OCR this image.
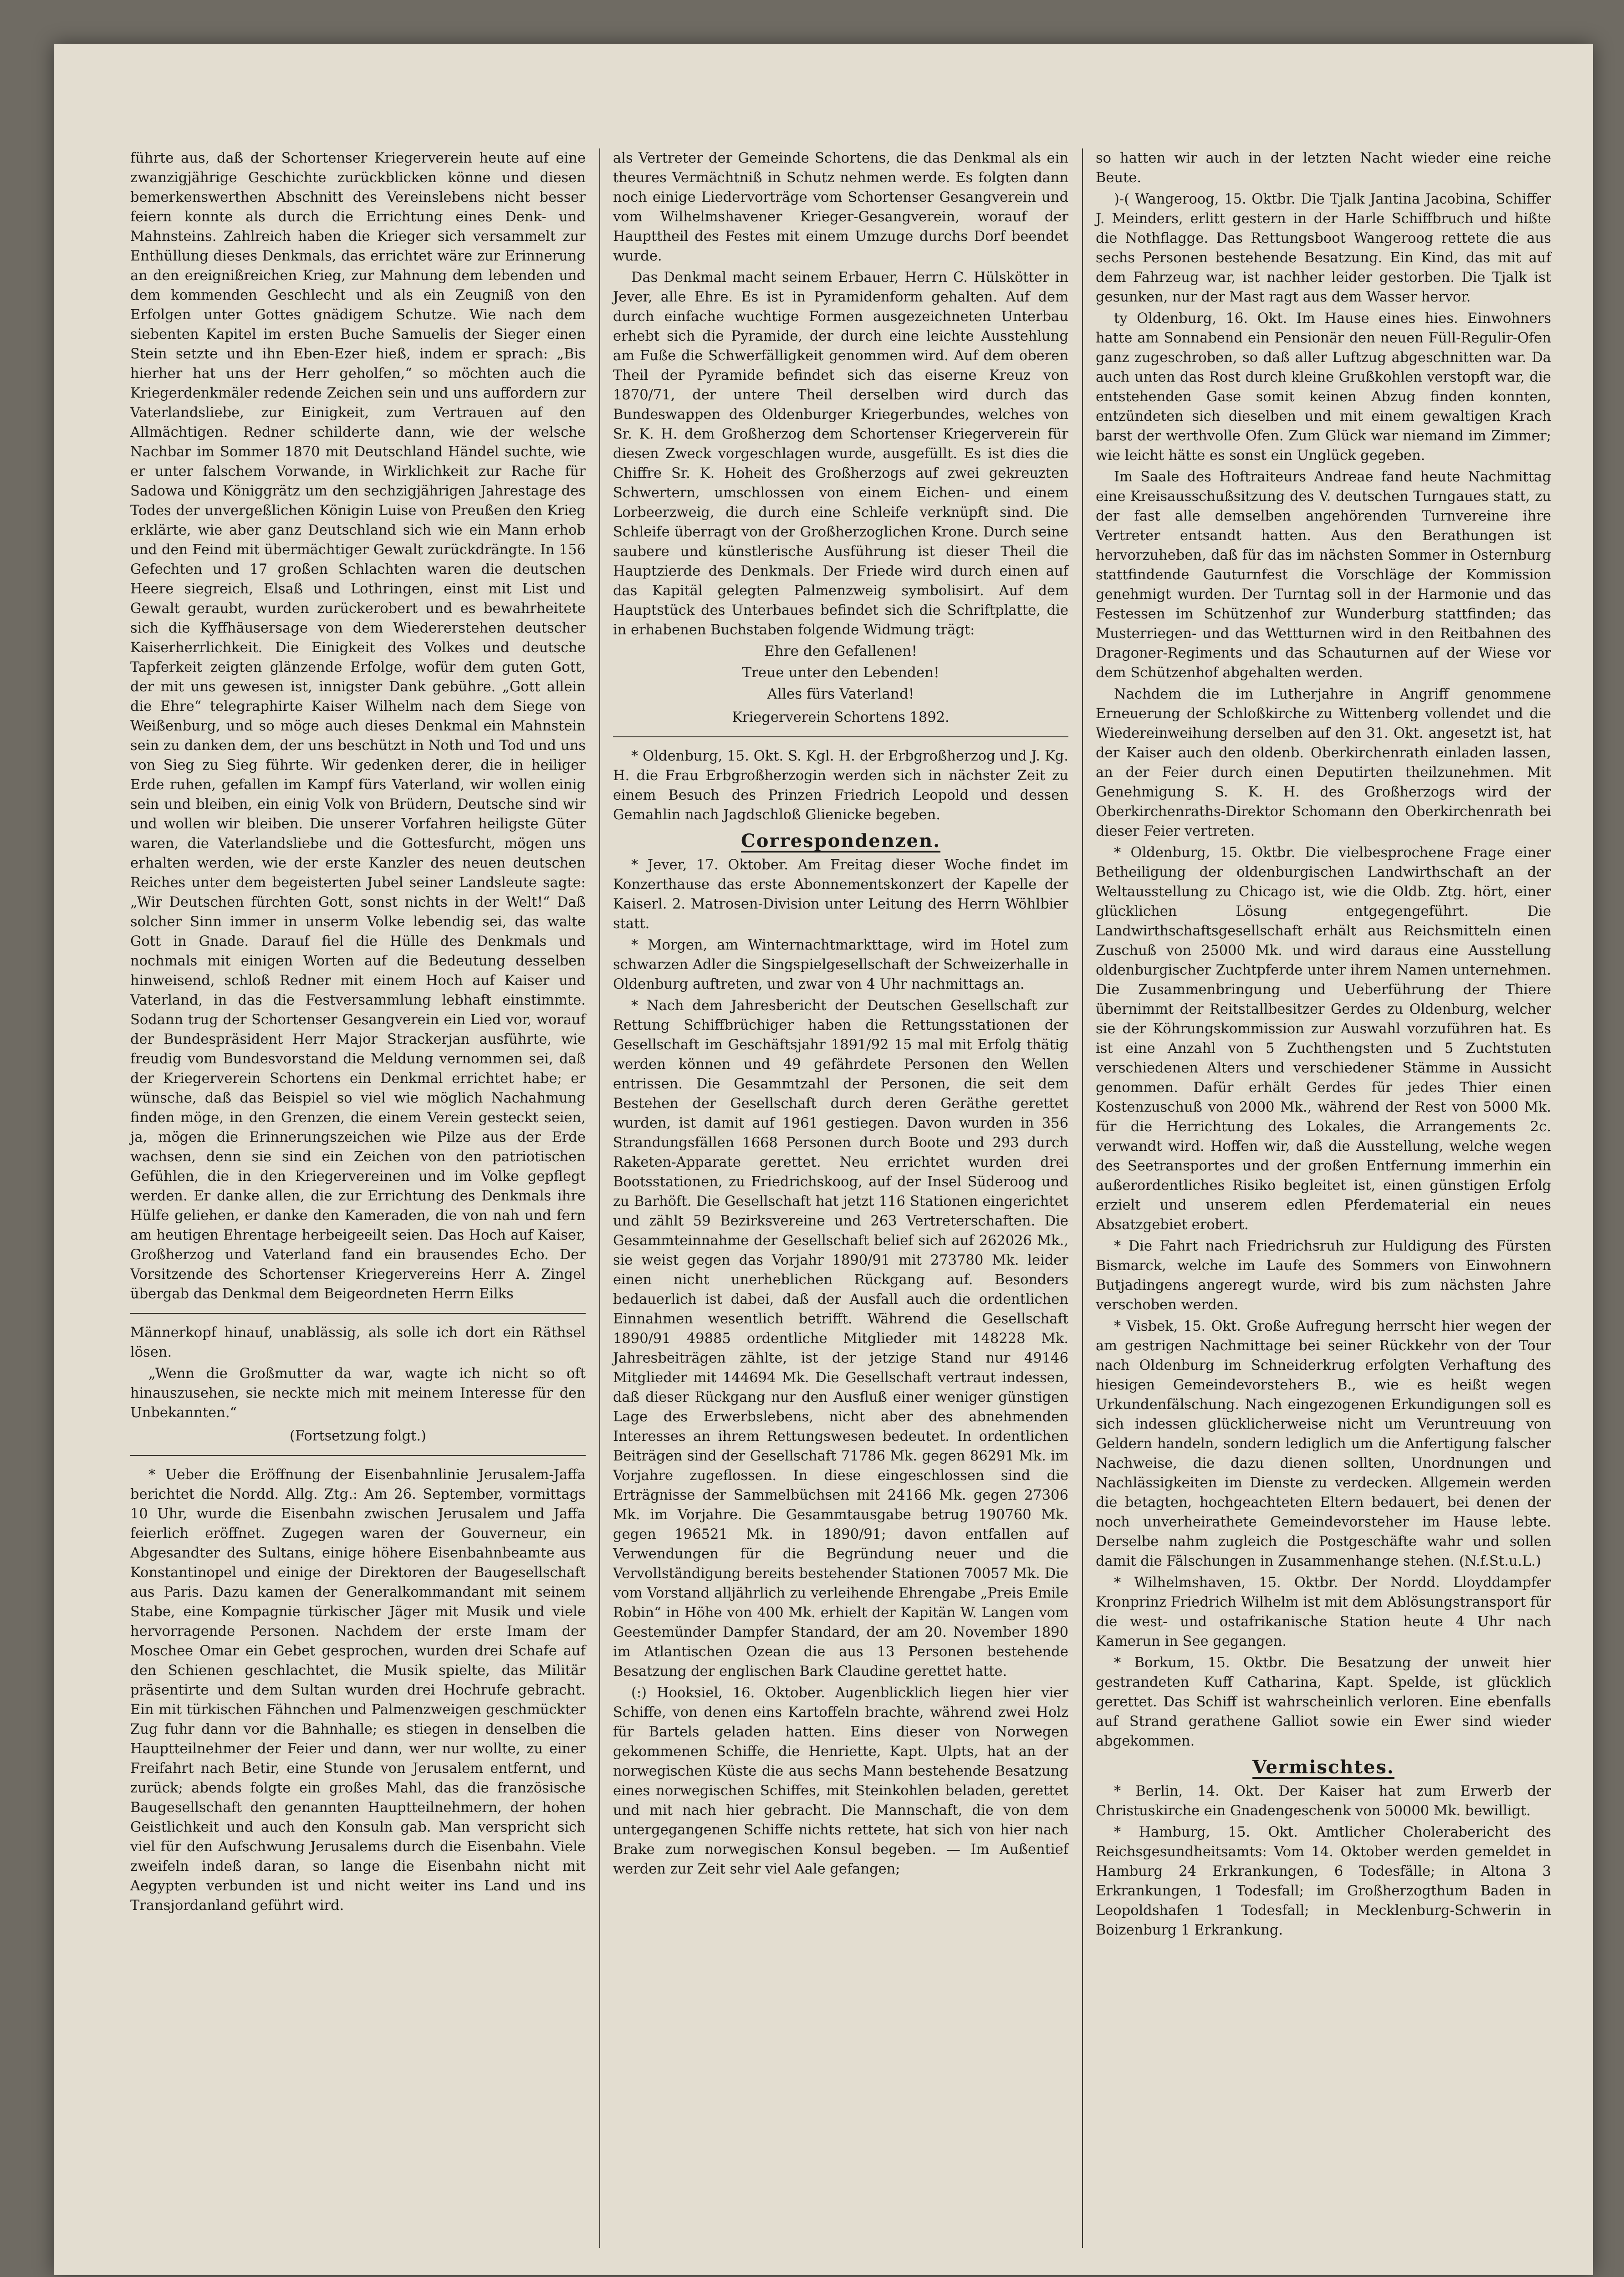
führte aus, daß der Schortenser Kriegerverein heute auf eine zwanzigjährige Geschichte zurückblicken könne und diesen bemerkenswerthen Abschnitt des Vereinslebens nicht besser feiern konnte als durch die Errichtung eines Denk- und Mahnsteins. Zahlreich haben die Krieger sich versammelt zur Enthüllung dieses Denkmals, das errichtet wäre zur Erinnerung an den ereignißreichen Krieg, zur Mahnung dem lebenden und dem kommenden Geschlecht und als ein Zeugniß von den Erfolgen unter Gottes gnädigem Schutze. Wie nach dem siebenten Kapitel im ersten Buche Samuelis der Sieger einen Stein setzte und ihn Eben-Ezer hieß, indem er sprach: „Bis hierher hat uns der Herr geholfen,“ so möchten auch die Kriegerdenkmäler redende Zeichen sein und uns auffordern zur Vaterlandsliebe, zur Einigkeit, zum Vertrauen auf den Allmächtigen. Redner schilderte dann, wie der welsche Nachbar im Sommer 1870 mit Deutschland Händel suchte, wie er unter falschem Vorwande, in Wirklichkeit zur Rache für Sadowa und Königgrätz um den sechzigjährigen Jahrestage des Todes der unvergeßlichen Königin Luise von Preußen den Krieg erklärte, wie aber ganz Deutschland sich wie ein Mann erhob und den Feind mit übermächtiger Gewalt zurückdrängte. In 156 Gefechten und 17 großen Schlachten waren die deutschen Heere siegreich, Elsaß und Lothringen, einst mit List und Gewalt geraubt, wurden zurückerobert und es bewahrheitete sich die Kyffhäusersage von dem Wiedererstehen deutscher Kaiserherrlichkeit. Die Einigkeit des Volkes und deutsche Tapferkeit zeigten glänzende Erfolge, wofür dem guten Gott, der mit uns gewesen ist, innigster Dank gebühre. „Gott allein die Ehre“ telegraphirte Kaiser Wilhelm nach dem Siege von Weißenburg, und so möge auch dieses Denkmal ein Mahnstein sein zu danken dem, der uns beschützt in Noth und Tod und uns von Sieg zu Sieg führte. Wir gedenken derer, die in heiliger Erde ruhen, gefallen im Kampf fürs Vaterland, wir wollen einig sein und bleiben, ein einig Volk von Brüdern, Deutsche sind wir und wollen wir bleiben. Die unserer Vorfahren heiligste Güter waren, die Vaterlandsliebe und die Gottesfurcht, mögen uns erhalten werden, wie der erste Kanzler des neuen deutschen Reiches unter dem begeisterten Jubel seiner Landsleute sagte: „Wir Deutschen fürchten Gott, sonst nichts in der Welt!“ Daß solcher Sinn immer in unserm Volke lebendig sei, das walte Gott in Gnade. Darauf fiel die Hülle des Denkmals und nochmals mit einigen Worten auf die Bedeutung desselben hinweisend, schloß Redner mit einem Hoch auf Kaiser und Vaterland, in das die Festversammlung lebhaft einstimmte. Sodann trug der Schortenser Gesangverein ein Lied vor, worauf der Bundespräsident Herr Major Strackerjan ausführte, wie freudig vom Bundesvorstand die Meldung vernommen sei, daß der Kriegerverein Schortens ein Denkmal errichtet habe; er wünsche, daß das Beispiel so viel wie möglich Nachahmung finden möge, in den Grenzen, die einem Verein gesteckt seien, ja, mögen die Erinnerungszeichen wie Pilze aus der Erde wachsen, denn sie sind ein Zeichen von den patriotischen Gefühlen, die in den Kriegervereinen und im Volke gepflegt werden. Er danke allen, die zur Errichtung des Denkmals ihre Hülfe geliehen, er danke den Kameraden, die von nah und fern am heutigen Ehrentage herbeigeeilt seien. Das Hoch auf Kaiser, Großherzog und Vaterland fand ein brausendes Echo. Der Vorsitzende des Schortenser Kriegervereins Herr A. Zingel übergab das Denkmal dem Beigeordneten Herrn Eilks

Männerkopf hinauf, unablässig, als solle ich dort ein Räthsel lösen.

„Wenn die Großmutter da war, wagte ich nicht so oft hinauszusehen, sie neckte mich mit meinem Interesse für den Unbekannten.“

(Fortsetzung folgt.)

* Ueber die Eröffnung der Eisenbahnlinie Jerusalem-Jaffa berichtet die Nordd. Allg. Ztg.: Am 26. September, vormittags 10 Uhr, wurde die Eisenbahn zwischen Jerusalem und Jaffa feierlich eröffnet. Zugegen waren der Gouverneur, ein Abgesandter des Sultans, einige höhere Eisenbahnbeamte aus Konstantinopel und einige der Direktoren der Baugesellschaft aus Paris. Dazu kamen der Generalkommandant mit seinem Stabe, eine Kompagnie türkischer Jäger mit Musik und viele hervorragende Personen. Nachdem der erste Imam der Moschee Omar ein Gebet gesprochen, wurden drei Schafe auf den Schienen geschlachtet, die Musik spielte, das Militär präsentirte und dem Sultan wurden drei Hochrufe gebracht. Ein mit türkischen Fähnchen und Palmenzweigen geschmückter Zug fuhr dann vor die Bahnhalle; es stiegen in denselben die Hauptteilnehmer der Feier und dann, wer nur wollte, zu einer Freifahrt nach Betir, eine Stunde von Jerusalem entfernt, und zurück; abends folgte ein großes Mahl, das die französische Baugesellschaft den genannten Hauptteilnehmern, der hohen Geistlichkeit und auch den Konsuln gab. Man verspricht sich viel für den Aufschwung Jerusalems durch die Eisenbahn. Viele zweifeln indeß daran, so lange die Eisenbahn nicht mit Aegypten verbunden ist und nicht weiter ins Land und ins Transjordanland geführt wird.

als Vertreter der Gemeinde Schortens, die das Denkmal als ein theures Vermächtniß in Schutz nehmen werde. Es folgten dann noch einige Liedervorträge vom Schortenser Gesangverein und vom Wilhelmshavener Krieger-Gesangverein, worauf der Haupttheil des Festes mit einem Umzuge durchs Dorf beendet wurde.

Das Denkmal macht seinem Erbauer, Herrn C. Hülskötter in Jever, alle Ehre. Es ist in Pyramidenform gehalten. Auf dem durch einfache wuchtige Formen ausgezeichneten Unterbau erhebt sich die Pyramide, der durch eine leichte Ausstehlung am Fuße die Schwerfälligkeit genommen wird. Auf dem oberen Theil der Pyramide befindet sich das eiserne Kreuz von 1870/71, der untere Theil derselben wird durch das Bundeswappen des Oldenburger Kriegerbundes, welches von Sr. K. H. dem Großherzog dem Schortenser Kriegerverein für diesen Zweck vorgeschlagen wurde, ausgefüllt. Es ist dies die Chiffre Sr. K. Hoheit des Großherzogs auf zwei gekreuzten Schwertern, umschlossen von einem Eichen- und einem Lorbeerzweig, die durch eine Schleife verknüpft sind. Die Schleife überragt von der Großherzoglichen Krone. Durch seine saubere und künstlerische Ausführung ist dieser Theil die Hauptzierde des Denkmals. Der Friede wird durch einen auf das Kapitäl gelegten Palmenzweig symbolisirt. Auf dem Hauptstück des Unterbaues befindet sich die Schriftplatte, die in erhabenen Buchstaben folgende Widmung trägt:

Ehre den Gefallenen!
Treue unter den Lebenden!
Alles fürs Vaterland!
Kriegerverein Schortens 1892.

* Oldenburg, 15. Okt. S. Kgl. H. der Erbgroßherzog und J. Kg. H. die Frau Erbgroßherzogin werden sich in nächster Zeit zu einem Besuch des Prinzen Friedrich Leopold und dessen Gemahlin nach Jagdschloß Glienicke begeben.

Correspondenzen.

* Jever, 17. Oktober. Am Freitag dieser Woche findet im Konzerthause das erste Abonnementskonzert der Kapelle der Kaiserl. 2. Matrosen-Division unter Leitung des Herrn Wöhlbier statt.

* Morgen, am Winternachtmarkttage, wird im Hotel zum schwarzen Adler die Singspielgesellschaft der Schweizerhalle in Oldenburg auftreten, und zwar von 4 Uhr nachmittags an.

* Nach dem Jahresbericht der Deutschen Gesellschaft zur Rettung Schiffbrüchiger haben die Rettungsstationen der Gesellschaft im Geschäftsjahr 1891/92 15 mal mit Erfolg thätig werden können und 49 gefährdete Personen den Wellen entrissen. Die Gesammtzahl der Personen, die seit dem Bestehen der Gesellschaft durch deren Geräthe gerettet wurden, ist damit auf 1961 gestiegen. Davon wurden in 356 Strandungsfällen 1668 Personen durch Boote und 293 durch Raketen-Apparate gerettet. Neu errichtet wurden drei Bootsstationen, zu Friedrichskoog, auf der Insel Süderoog und zu Barhöft. Die Gesellschaft hat jetzt 116 Stationen eingerichtet und zählt 59 Bezirksvereine und 263 Vertreterschaften. Die Gesammteinnahme der Gesellschaft belief sich auf 262026 Mk., sie weist gegen das Vorjahr 1890/91 mit 273780 Mk. leider einen nicht unerheblichen Rückgang auf. Besonders bedauerlich ist dabei, daß der Ausfall auch die ordentlichen Einnahmen wesentlich betrifft. Während die Gesellschaft 1890/91 49885 ordentliche Mitglieder mit 148228 Mk. Jahresbeiträgen zählte, ist der jetzige Stand nur 49146 Mitglieder mit 144694 Mk. Die Gesellschaft vertraut indessen, daß dieser Rückgang nur den Ausfluß einer weniger günstigen Lage des Erwerbslebens, nicht aber des abnehmenden Interesses an ihrem Rettungswesen bedeutet. In ordentlichen Beiträgen sind der Gesellschaft 71786 Mk. gegen 86291 Mk. im Vorjahre zugeflossen. In diese eingeschlossen sind die Erträgnisse der Sammelbüchsen mit 24166 Mk. gegen 27306 Mk. im Vorjahre. Die Gesammtausgabe betrug 190760 Mk. gegen 196521 Mk. in 1890/91; davon entfallen auf Verwendungen für die Begründung neuer und die Vervollständigung bereits bestehender Stationen 70057 Mk. Die vom Vorstand alljährlich zu verleihende Ehrengabe „Preis Emile Robin“ in Höhe von 400 Mk. erhielt der Kapitän W. Langen vom Geestemünder Dampfer Standard, der am 20. November 1890 im Atlantischen Ozean die aus 13 Personen bestehende Besatzung der englischen Bark Claudine gerettet hatte.

(:) Hooksiel, 16. Oktober. Augenblicklich liegen hier vier Schiffe, von denen eins Kartoffeln brachte, während zwei Holz für Bartels geladen hatten. Eins dieser von Norwegen gekommenen Schiffe, die Henriette, Kapt. Ulpts, hat an der norwegischen Küste die aus sechs Mann bestehende Besatzung eines norwegischen Schiffes, mit Steinkohlen beladen, gerettet und mit nach hier gebracht. Die Mannschaft, die von dem untergegangenen Schiffe nichts rettete, hat sich von hier nach Brake zum norwegischen Konsul begeben. — Im Außentief werden zur Zeit sehr viel Aale gefangen;

so hatten wir auch in der letzten Nacht wieder eine reiche Beute.

)-( Wangeroog, 15. Oktbr. Die Tjalk Jantina Jacobina, Schiffer J. Meinders, erlitt gestern in der Harle Schiffbruch und hißte die Nothflagge. Das Rettungsboot Wangeroog rettete die aus sechs Personen bestehende Besatzung. Ein Kind, das mit auf dem Fahrzeug war, ist nachher leider gestorben. Die Tjalk ist gesunken, nur der Mast ragt aus dem Wasser hervor.

ty Oldenburg, 16. Okt. Im Hause eines hies. Einwohners hatte am Sonnabend ein Pensionär den neuen Füll-Regulir-Ofen ganz zugeschroben, so daß aller Luftzug abgeschnitten war. Da auch unten das Rost durch kleine Grußkohlen verstopft war, die entstehenden Gase somit keinen Abzug finden konnten, entzündeten sich dieselben und mit einem gewaltigen Krach barst der werthvolle Ofen. Zum Glück war niemand im Zimmer; wie leicht hätte es sonst ein Unglück gegeben.

Im Saale des Hoftraiteurs Andreae fand heute Nachmittag eine Kreisausschußsitzung des V. deutschen Turngaues statt, zu der fast alle demselben angehörenden Turnvereine ihre Vertreter entsandt hatten. Aus den Berathungen ist hervorzuheben, daß für das im nächsten Sommer in Osternburg stattfindende Gauturnfest die Vorschläge der Kommission genehmigt wurden. Der Turntag soll in der Harmonie und das Festessen im Schützenhof zur Wunderburg stattfinden; das Musterriegen- und das Wettturnen wird in den Reitbahnen des Dragoner-Regiments und das Schauturnen auf der Wiese vor dem Schützenhof abgehalten werden.

Nachdem die im Lutherjahre in Angriff genommene Erneuerung der Schloßkirche zu Wittenberg vollendet und die Wiedereinweihung derselben auf den 31. Okt. angesetzt ist, hat der Kaiser auch den oldenb. Oberkirchenrath einladen lassen, an der Feier durch einen Deputirten theilzunehmen. Mit Genehmigung S. K. H. des Großherzogs wird der Oberkirchenraths-Direktor Schomann den Oberkirchenrath bei dieser Feier vertreten.

* Oldenburg, 15. Oktbr. Die vielbesprochene Frage einer Betheiligung der oldenburgischen Landwirthschaft an der Weltausstellung zu Chicago ist, wie die Oldb. Ztg. hört, einer glücklichen Lösung entgegengeführt. Die Landwirthschaftsgesellschaft erhält aus Reichsmitteln einen Zuschuß von 25000 Mk. und wird daraus eine Ausstellung oldenburgischer Zuchtpferde unter ihrem Namen unternehmen. Die Zusammenbringung und Ueberführung der Thiere übernimmt der Reitstallbesitzer Gerdes zu Oldenburg, welcher sie der Köhrungskommission zur Auswahl vorzuführen hat. Es ist eine Anzahl von 5 Zuchthengsten und 5 Zuchtstuten verschiedenen Alters und verschiedener Stämme in Aussicht genommen. Dafür erhält Gerdes für jedes Thier einen Kostenzuschuß von 2000 Mk., während der Rest von 5000 Mk. für die Herrichtung des Lokales, die Arrangements 2c. verwandt wird. Hoffen wir, daß die Ausstellung, welche wegen des Seetransportes und der großen Entfernung immerhin ein außerordentliches Risiko begleitet ist, einen günstigen Erfolg erzielt und unserem edlen Pferdematerial ein neues Absatzgebiet erobert.

* Die Fahrt nach Friedrichsruh zur Huldigung des Fürsten Bismarck, welche im Laufe des Sommers von Einwohnern Butjadingens angeregt wurde, wird bis zum nächsten Jahre verschoben werden.

* Visbek, 15. Okt. Große Aufregung herrscht hier wegen der am gestrigen Nachmittage bei seiner Rückkehr von der Tour nach Oldenburg im Schneiderkrug erfolgten Verhaftung des hiesigen Gemeindevorstehers B., wie es heißt wegen Urkundenfälschung. Nach eingezogenen Erkundigungen soll es sich indessen glücklicherweise nicht um Veruntreuung von Geldern handeln, sondern lediglich um die Anfertigung falscher Nachweise, die dazu dienen sollten, Unordnungen und Nachlässigkeiten im Dienste zu verdecken. Allgemein werden die betagten, hochgeachteten Eltern bedauert, bei denen der noch unverheirathete Gemeindevorsteher im Hause lebte. Derselbe nahm zugleich die Postgeschäfte wahr und sollen damit die Fälschungen in Zusammenhange stehen. (N.f.St.u.L.)

* Wilhelmshaven, 15. Oktbr. Der Nordd. Lloyddampfer Kronprinz Friedrich Wilhelm ist mit dem Ablösungstransport für die west- und ostafrikanische Station heute 4 Uhr nach Kamerun in See gegangen.

* Borkum, 15. Oktbr. Die Besatzung der unweit hier gestrandeten Kuff Catharina, Kapt. Spelde, ist glücklich gerettet. Das Schiff ist wahrscheinlich verloren. Eine ebenfalls auf Strand gerathene Galliot sowie ein Ewer sind wieder abgekommen.

Vermischtes.

* Berlin, 14. Okt. Der Kaiser hat zum Erwerb der Christuskirche ein Gnadengeschenk von 50000 Mk. bewilligt.

* Hamburg, 15. Okt. Amtlicher Cholerabericht des Reichsgesundheitsamts: Vom 14. Oktober werden gemeldet in Hamburg 24 Erkrankungen, 6 Todesfälle; in Altona 3 Erkrankungen, 1 Todesfall; im Großherzogthum Baden in Leopoldshafen 1 Todesfall; in Mecklenburg-Schwerin in Boizenburg 1 Erkrankung.
